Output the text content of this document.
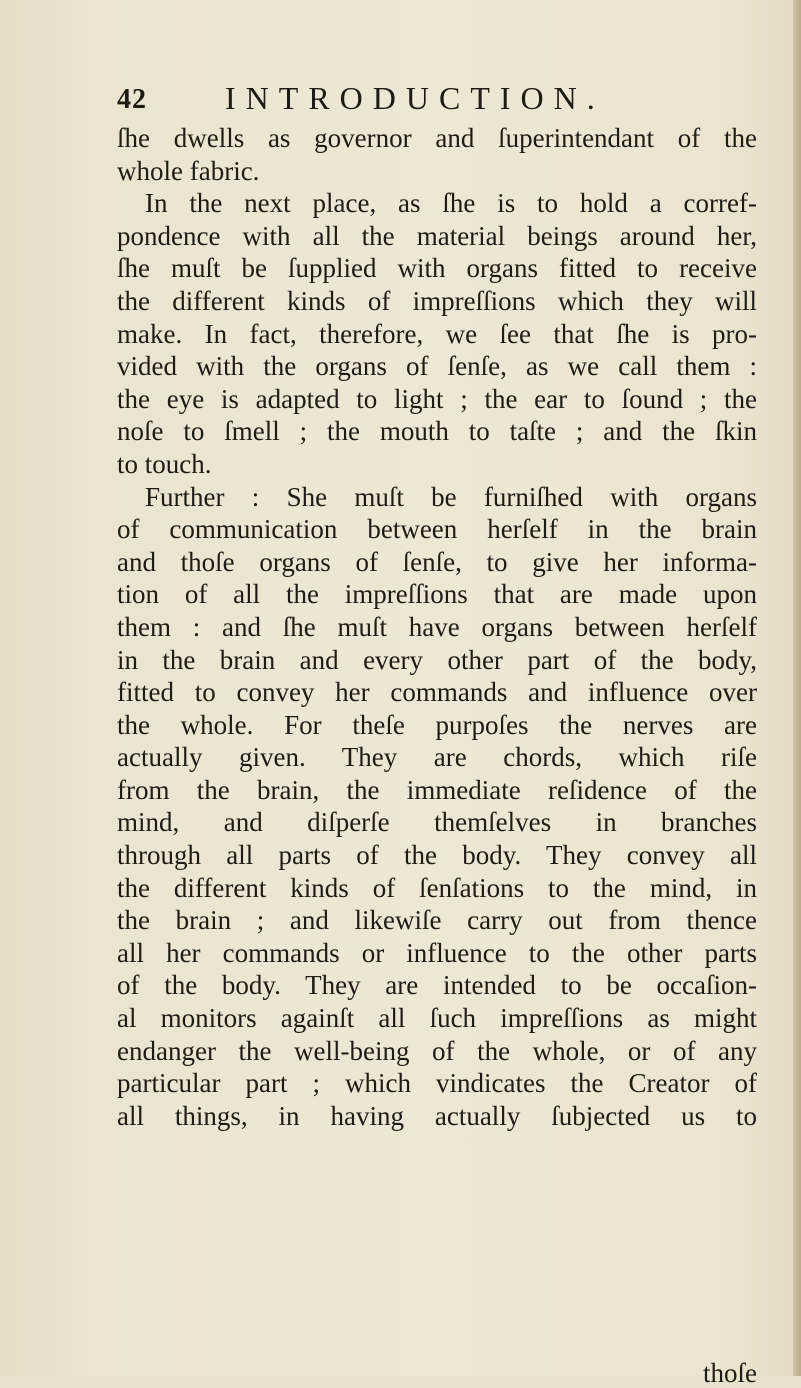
42 INTRODUCTION.
ſhe dwells as governor and ſuperintendant of the
whole fabric.
In the next place, as ſhe is to hold a corref-
pondence with all the material beings around her,
ſhe muſt be ſupplied with organs fitted to receive
the different kinds of impreſſions which they will
make. In fact, therefore, we ſee that ſhe is pro-
vided with the organs of ſenſe, as we call them :
the eye is adapted to light ; the ear to ſound ; the
noſe to ſmell ; the mouth to taſte ; and the ſkin
to touch.
Further : She muſt be furniſhed with organs
of communication between herſelf in the brain
and thoſe organs of ſenſe, to give her informa-
tion of all the impreſſions that are made upon
them : and ſhe muſt have organs between herſelf
in the brain and every other part of the body,
fitted to convey her commands and influence over
the whole. For theſe purpoſes the nerves are
actually given. They are chords, which riſe
from the brain, the immediate reſidence of the
mind, and diſperſe themſelves in branches
through all parts of the body. They convey all
the different kinds of ſenſations to the mind, in
the brain ; and likewiſe carry out from thence
all her commands or influence to the other parts
of the body. They are intended to be occaſion-
al monitors againſt all ſuch impreſſions as might
endanger the well-being of the whole, or of any
particular part ; which vindicates the Creator of
all things, in having actually ſubjected us to
thoſe
